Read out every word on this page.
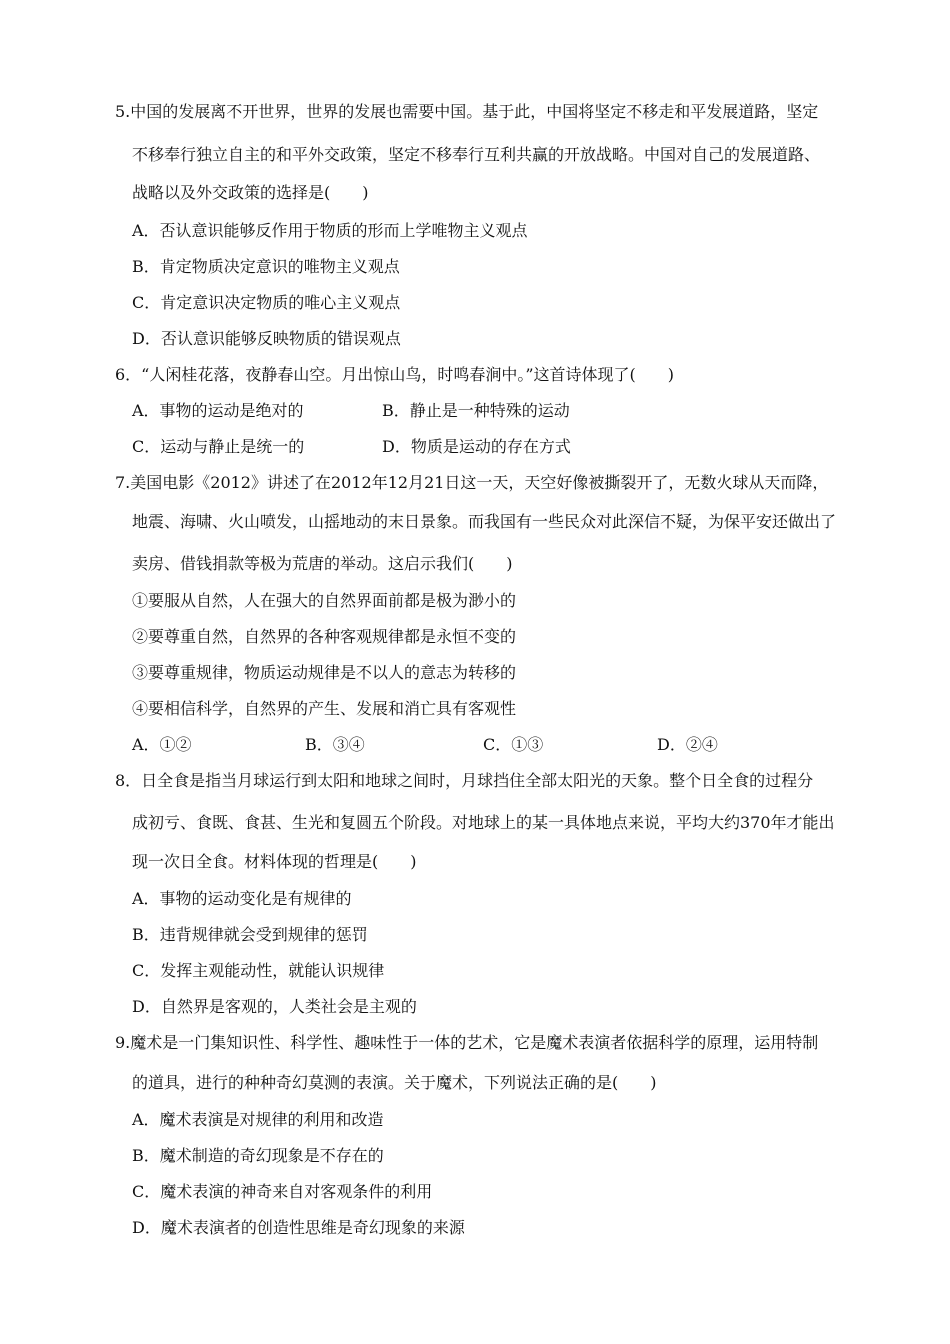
5.中国的发展离不开世界，世界的发展也需要中国。基于此，中国将坚定不移走和平发展道路，坚定
不移奉行独立自主的和平外交政策，坚定不移奉行互利共赢的开放战略。中国对自己的发展道路、
战略以及外交政策的选择是(　　)
A．否认意识能够反作用于物质的形而上学唯物主义观点
B．肯定物质决定意识的唯物主义观点
C．肯定意识决定物质的唯心主义观点
D．否认意识能够反映物质的错误观点
6．“人闲桂花落，夜静春山空。月出惊山鸟，时鸣春涧中。”这首诗体现了(　　)
A．事物的运动是绝对的	B．静止是一种特殊的运动
C．运动与静止是统一的	D．物质是运动的存在方式
7.美国电影《2012》讲述了在2012年12月21日这一天，天空好像被撕裂开了，无数火球从天而降，
地震、海啸、火山喷发，山摇地动的末日景象。而我国有一些民众对此深信不疑，为保平安还做出了
卖房、借钱捐款等极为荒唐的举动。这启示我们(　　)
①要服从自然，人在强大的自然界面前都是极为渺小的
②要尊重自然，自然界的各种客观规律都是永恒不变的
③要尊重规律，物质运动规律是不以人的意志为转移的
④要相信科学，自然界的产生、发展和消亡具有客观性
A．①②	B．③④	C．①③	D．②④
8．日全食是指当月球运行到太阳和地球之间时，月球挡住全部太阳光的天象。整个日全食的过程分
成初亏、食既、食甚、生光和复圆五个阶段。对地球上的某一具体地点来说，平均大约370年才能出
现一次日全食。材料体现的哲理是(　　)
A．事物的运动变化是有规律的
B．违背规律就会受到规律的惩罚
C．发挥主观能动性，就能认识规律
D．自然界是客观的，人类社会是主观的
9.魔术是一门集知识性、科学性、趣味性于一体的艺术，它是魔术表演者依据科学的原理，运用特制
的道具，进行的种种奇幻莫测的表演。关于魔术，下列说法正确的是(　　)
A．魔术表演是对规律的利用和改造
B．魔术制造的奇幻现象是不存在的
C．魔术表演的神奇来自对客观条件的利用
D．魔术表演者的创造性思维是奇幻现象的来源
